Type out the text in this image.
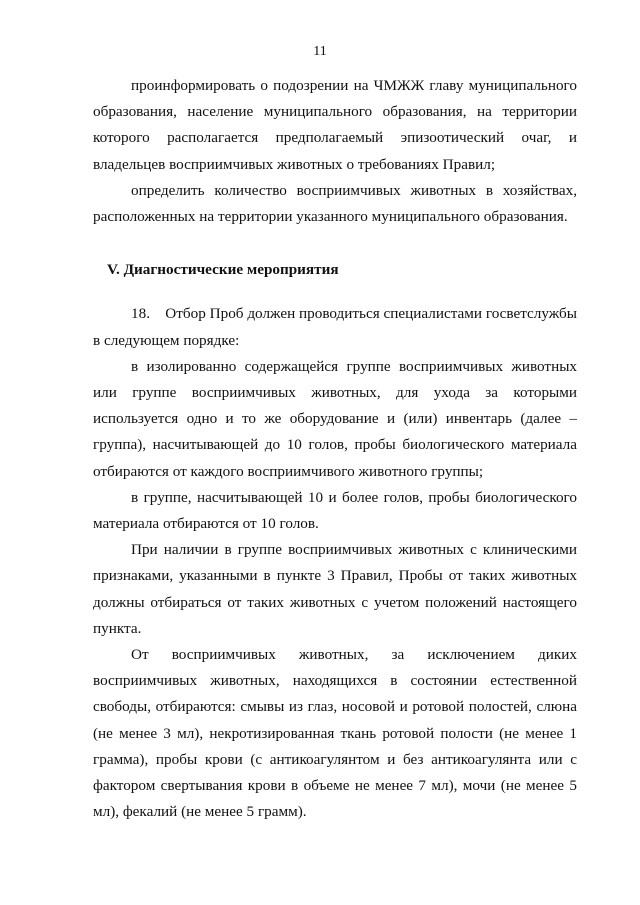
11

проинформировать о подозрении на ЧМЖЖ главу муниципального образования, население муниципального образования, на территории которого располагается предполагаемый эпизоотический очаг, и владельцев восприимчивых животных о требованиях Правил;

определить количество восприимчивых животных в хозяйствах, расположенных на территории указанного муниципального образования.

V. Диагностические мероприятия

18.    Отбор Проб должен проводиться специалистами госветслужбы в следующем порядке:

в изолированно содержащейся группе восприимчивых животных или группе восприимчивых животных, для ухода за которыми используется одно и то же оборудование и (или) инвентарь (далее – группа), насчитывающей до 10 голов, пробы биологического материала отбираются от каждого восприимчивого животного группы;

в группе, насчитывающей 10 и более голов, пробы биологического материала отбираются от 10 голов.

При наличии в группе восприимчивых животных с клиническими признаками, указанными в пункте 3 Правил, Пробы от таких животных должны отбираться от таких животных с учетом положений настоящего пункта.

От восприимчивых животных, за исключением диких восприимчивых животных, находящихся в состоянии естественной свободы, отбираются: смывы из глаз, носовой и ротовой полостей, слюна (не менее 3 мл), некротизированная ткань ротовой полости (не менее 1 грамма), пробы крови (с антикоагулянтом и без антикоагулянта или с фактором свертывания крови в объеме не менее 7 мл), мочи (не менее 5 мл), фекалий (не менее 5 грамм).
